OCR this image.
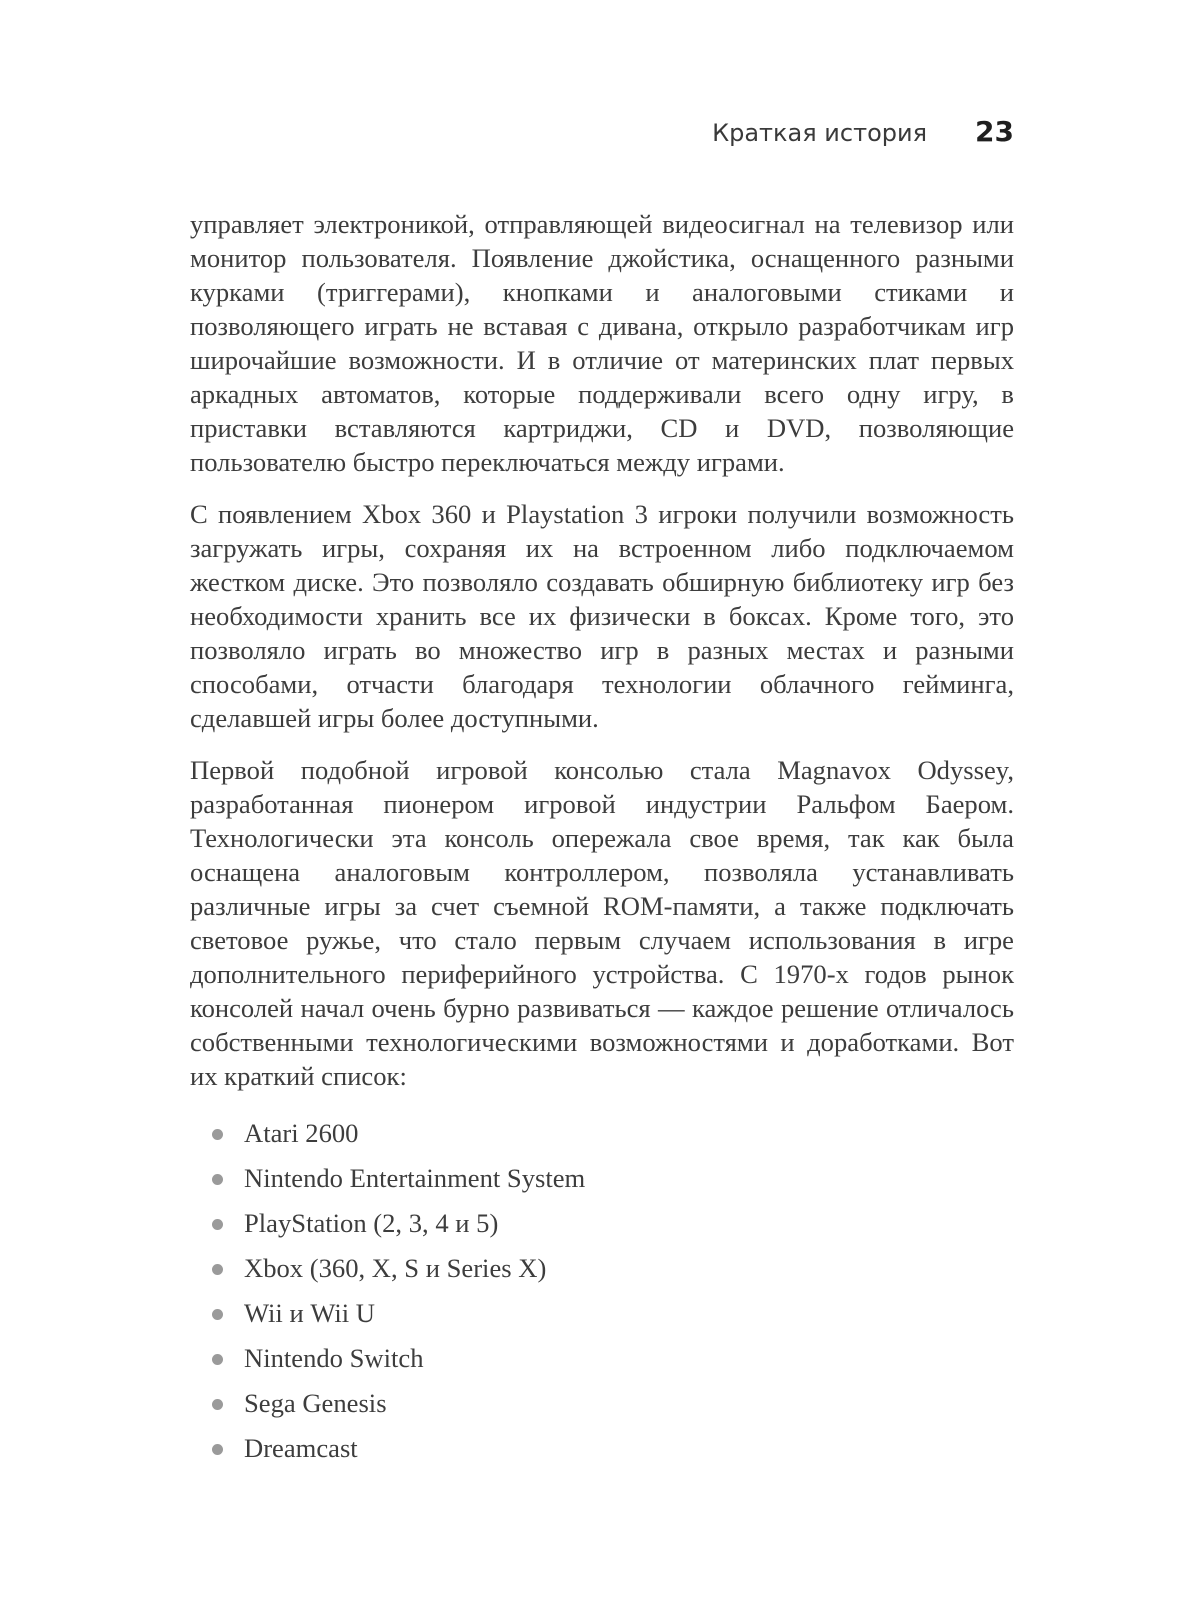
Краткая история 23

управляет электроникой, отправляющей видеосигнал на телевизор или монитор пользователя. Появление джойстика, оснащенного разными курками (триггерами), кнопками и аналоговыми стиками и позволяющего играть не вставая с дивана, открыло разработчикам игр широчайшие возможности. И в отличие от материнских плат первых аркадных автоматов, которые поддерживали всего одну игру, в приставки вставляются картриджи, CD и DVD, позволяющие пользователю быстро переключаться между играми.

С появлением Xbox 360 и Playstation 3 игроки получили возможность загружать игры, сохраняя их на встроенном либо подключаемом жестком диске. Это позволяло создавать обширную библиотеку игр без необходимости хранить все их физически в боксах. Кроме того, это позволяло играть во множество игр в разных местах и разными способами, отчасти благодаря технологии облачного гейминга, сделавшей игры более доступными.

Первой подобной игровой консолью стала Magnavox Odyssey, разработанная пионером игровой индустрии Ральфом Баером. Технологически эта консоль опережала свое время, так как была оснащена аналоговым контроллером, позволяла устанавливать различные игры за счет съемной ROM-памяти, а также подключать световое ружье, что стало первым случаем использования в игре дополнительного периферийного устройства. С 1970-х годов рынок консолей начал очень бурно развиваться — каждое решение отличалось собственными технологическими возможностями и доработками. Вот их краткий список:

Atari 2600
Nintendo Entertainment System
PlayStation (2, 3, 4 и 5)
Xbox (360, X, S и Series X)
Wii и Wii U
Nintendo Switch
Sega Genesis
Dreamcast
